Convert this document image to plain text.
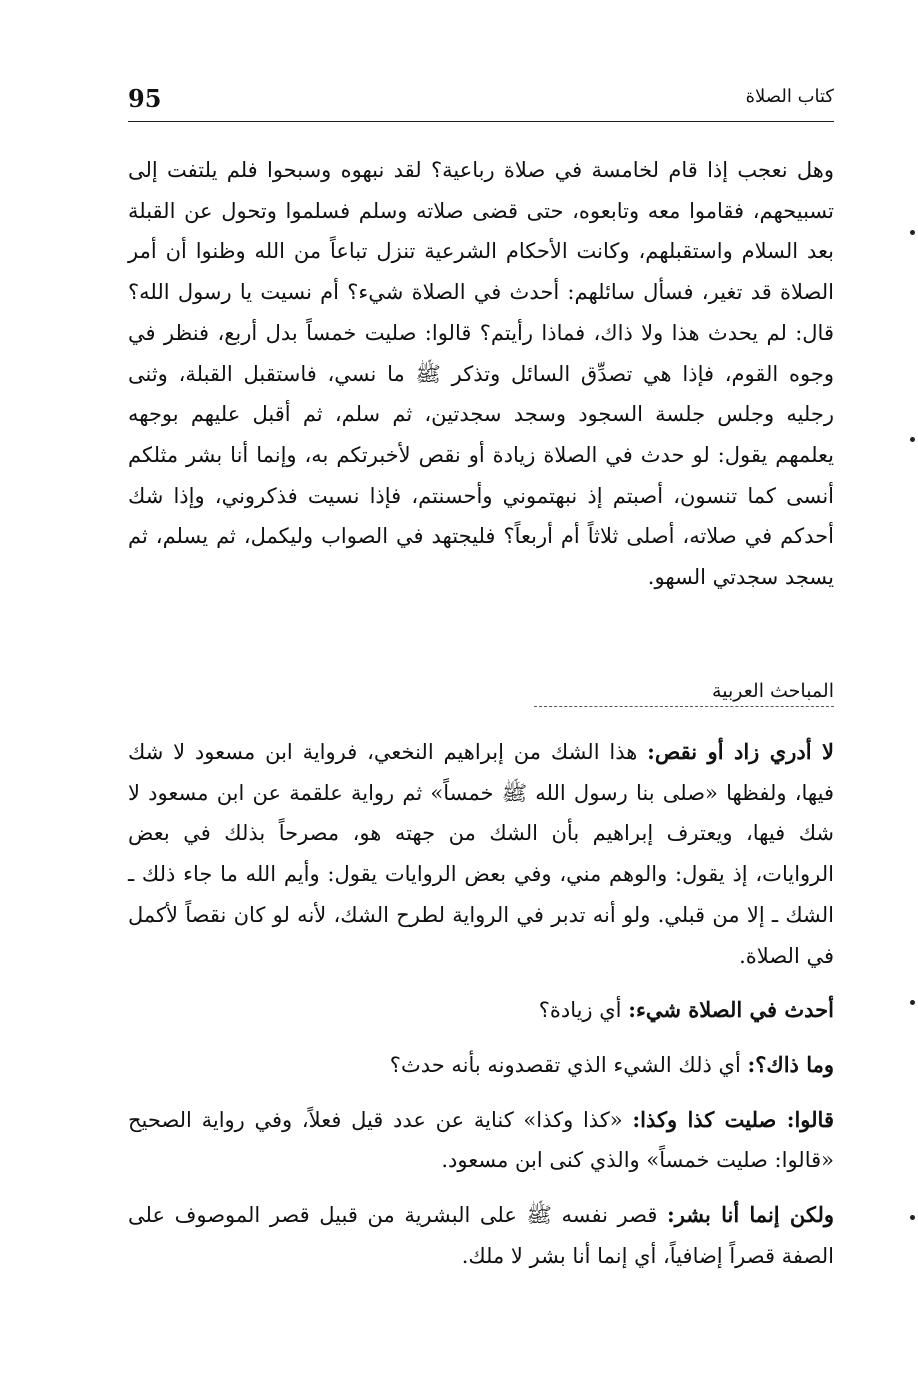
95	كتاب الصلاة

وهل نعجب إذا قام لخامسة في صلاة رباعية؟ لقد نبهوه وسبحوا فلم يلتفت إلى تسبيحهم، فقاموا معه وتابعوه، حتى قضى صلاته وسلم فسلموا وتحول عن القبلة بعد السلام واستقبلهم، وكانت الأحكام الشرعية تنزل تباعاً من الله وظنوا أن أمر الصلاة قد تغير، فسأل سائلهم: أحدث في الصلاة شيء؟ أم نسيت يا رسول الله؟ قال: لم يحدث هذا ولا ذاك، فماذا رأيتم؟ قالوا: صليت خمساً بدل أربع، فنظر في وجوه القوم، فإذا هي تصدِّق السائل وتذكر ﷺ ما نسي، فاستقبل القبلة، وثنى رجليه وجلس جلسة السجود وسجد سجدتين، ثم سلم، ثم أقبل عليهم بوجهه يعلمهم يقول: لو حدث في الصلاة زيادة أو نقص لأخبرتكم به، وإنما أنا بشر مثلكم أنسى كما تنسون، أصبتم إذ نبهتموني وأحسنتم، فإذا نسيت فذكروني، وإذا شك أحدكم في صلاته، أصلى ثلاثاً أم أربعاً؟ فليجتهد في الصواب وليكمل، ثم يسلم، ثم يسجد سجدتي السهو.

المباحث العربية

لا أدري زاد أو نقص: هذا الشك من إبراهيم النخعي، فرواية ابن مسعود لا شك فيها، ولفظها «صلى بنا رسول الله ﷺ خمساً» ثم رواية علقمة عن ابن مسعود لا شك فيها، ويعترف إبراهيم بأن الشك من جهته هو، مصرحاً بذلك في بعض الروايات، إذ يقول: والوهم مني، وفي بعض الروايات يقول: وأيم الله ما جاء ذلك ـ الشك ـ إلا من قبلي. ولو أنه تدبر في الرواية لطرح الشك، لأنه لو كان نقصاً لأكمل في الصلاة.

أحدث في الصلاة شيء: أي زيادة؟

وما ذاك؟: أي ذلك الشيء الذي تقصدونه بأنه حدث؟

قالوا: صليت كذا وكذا: «كذا وكذا» كناية عن عدد قيل فعلاً، وفي رواية الصحيح «قالوا: صليت خمساً» والذي كنى ابن مسعود.

ولكن إنما أنا بشر: قصر نفسه ﷺ على البشرية من قبيل قصر الموصوف على الصفة قصراً إضافياً، أي إنما أنا بشر لا ملك.
